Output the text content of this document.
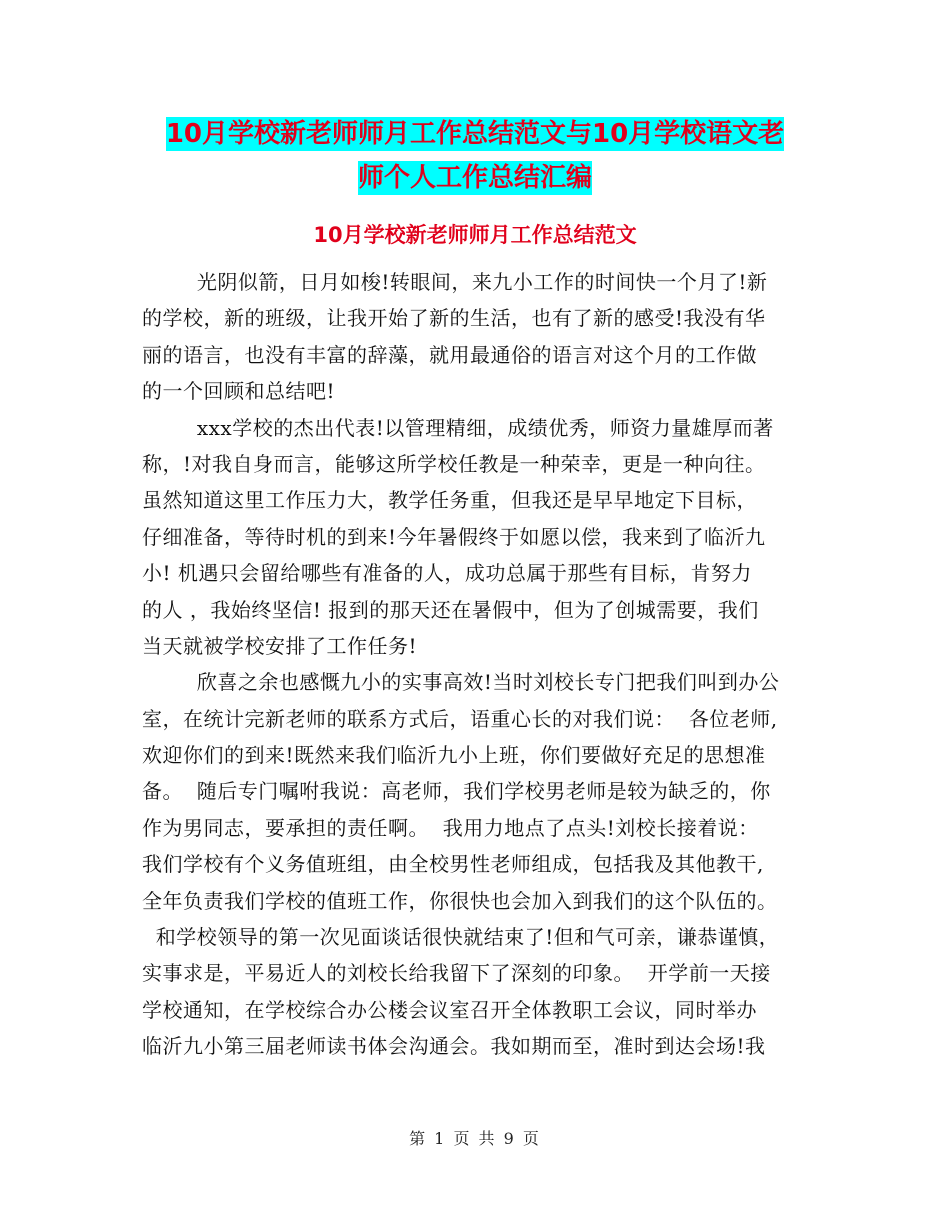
10月学校新老师师月工作总结范文与10月学校语文老
师个人工作总结汇编
10月学校新老师师月工作总结范文
光阴似箭，日月如梭!转眼间，来九小工作的时间快一个月了!新
的学校，新的班级，让我开始了新的生活，也有了新的感受!我没有华
丽的语言，也没有丰富的辞藻，就用最通俗的语言对这个月的工作做
的一个回顾和总结吧!
xxx学校的杰出代表!以管理精细，成绩优秀，师资力量雄厚而著
称，!对我自身而言，能够这所学校任教是一种荣幸，更是一种向往。
虽然知道这里工作压力大，教学任务重，但我还是早早地定下目标，
仔细准备，等待时机的到来!今年暑假终于如愿以偿，我来到了临沂九
小! 机遇只会留给哪些有准备的人，成功总属于那些有目标，肯努力
的人 ，我始终坚信! 报到的那天还在暑假中，但为了创城需要，我们
当天就被学校安排了工作任务!
欣喜之余也感慨九小的实事高效!当时刘校长专门把我们叫到办公
室，在统计完新老师的联系方式后，语重心长的对我们说：  各位老师,
欢迎你们的到来!既然来我们临沂九小上班，你们要做好充足的思想准
备。  随后专门嘱咐我说：高老师，我们学校男老师是较为缺乏的，你
作为男同志，要承担的责任啊。  我用力地点了点头!刘校长接着说：
我们学校有个义务值班组，由全校男性老师组成，包括我及其他教干,
全年负责我们学校的值班工作，你很快也会加入到我们的这个队伍的。
和学校领导的第一次见面谈话很快就结束了!但和气可亲，谦恭谨慎，
实事求是，平易近人的刘校长给我留下了深刻的印象。  开学前一天接
学校通知，在学校综合办公楼会议室召开全体教职工会议，同时举办
临沂九小第三届老师读书体会沟通会。我如期而至，准时到达会场!我
第 1 页 共 9 页
